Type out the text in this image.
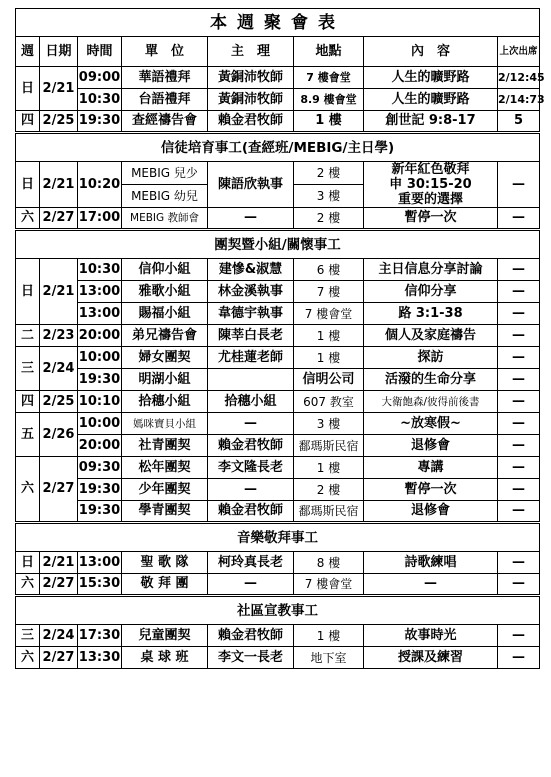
本週聚會表							
週	日期	時間	單　位	主　理	地點	內　容	上次出席
日	2/21	09:00	華語禮拜	黃銅沛牧師	7 樓會堂	人生的曠野路	2/12:45
		10:30	台語禮拜	黃銅沛牧師	8.9 樓會堂	人生的曠野路	2/14:73
四	2/25	19:30	查經禱告會	賴金君牧師	1 樓	創世記 9:8-17	5
信徒培育事工(查經班/MEBIG/主日學)							
日	2/21	10:20	MEBIG 兒少	陳語欣執事	2 樓	新年紅色敬拜
申 30:15-20
重要的選擇	—
			MEBIG 幼兒		3 樓		
六	2/27	17:00	MEBIG 教師會	—	2 樓	暫停一次	—
團契暨小組/關懷事工							
日	2/21	10:30	信仰小組	建慘&淑慧	6 樓	主日信息分享討論	—
		13:00	雅歌小組	林金溪執事	7 樓	信仰分享	—
		13:00	賜福小組	韋德宇執事	7 樓會堂	路 3:1-38	—
二	2/23	20:00	弟兄禱告會	陳莘白長老	1 樓	個人及家庭禱告	—
三	2/24	10:00	婦女團契	尤桂蓮老師	1 樓	探訪	—
		19:30	明湖小組		信明公司	活潑的生命分享	—
四	2/25	10:10	拾穗小組	拾穗小組	607 教室	大衛飽森/彼得前後書	—
五	2/26	10:00	媽咪寶貝小組	—	3 樓	~放寒假~	—
		20:00	社青團契	賴金君牧師	鄱瑪斯民宿	退修會	—
六	2/27	09:30	松年團契	李文隆長老	1 樓	專講	—
		19:30	少年團契	—	2 樓	暫停一次	—
		19:30	學青團契	賴金君牧師	鄱瑪斯民宿	退修會	—
音樂敬拜事工							
日	2/21	13:00	聖 歌 隊	柯玲真長老	8 樓	詩歌練唱	—
六	2/27	15:30	敬 拜 團	—	7 樓會堂	—	—
社區宣教事工							
三	2/24	17:30	兒童團契	賴金君牧師	1 樓	故事時光	—
六	2/27	13:30	桌 球 班	李文一長老	地下室	授課及練習	—
